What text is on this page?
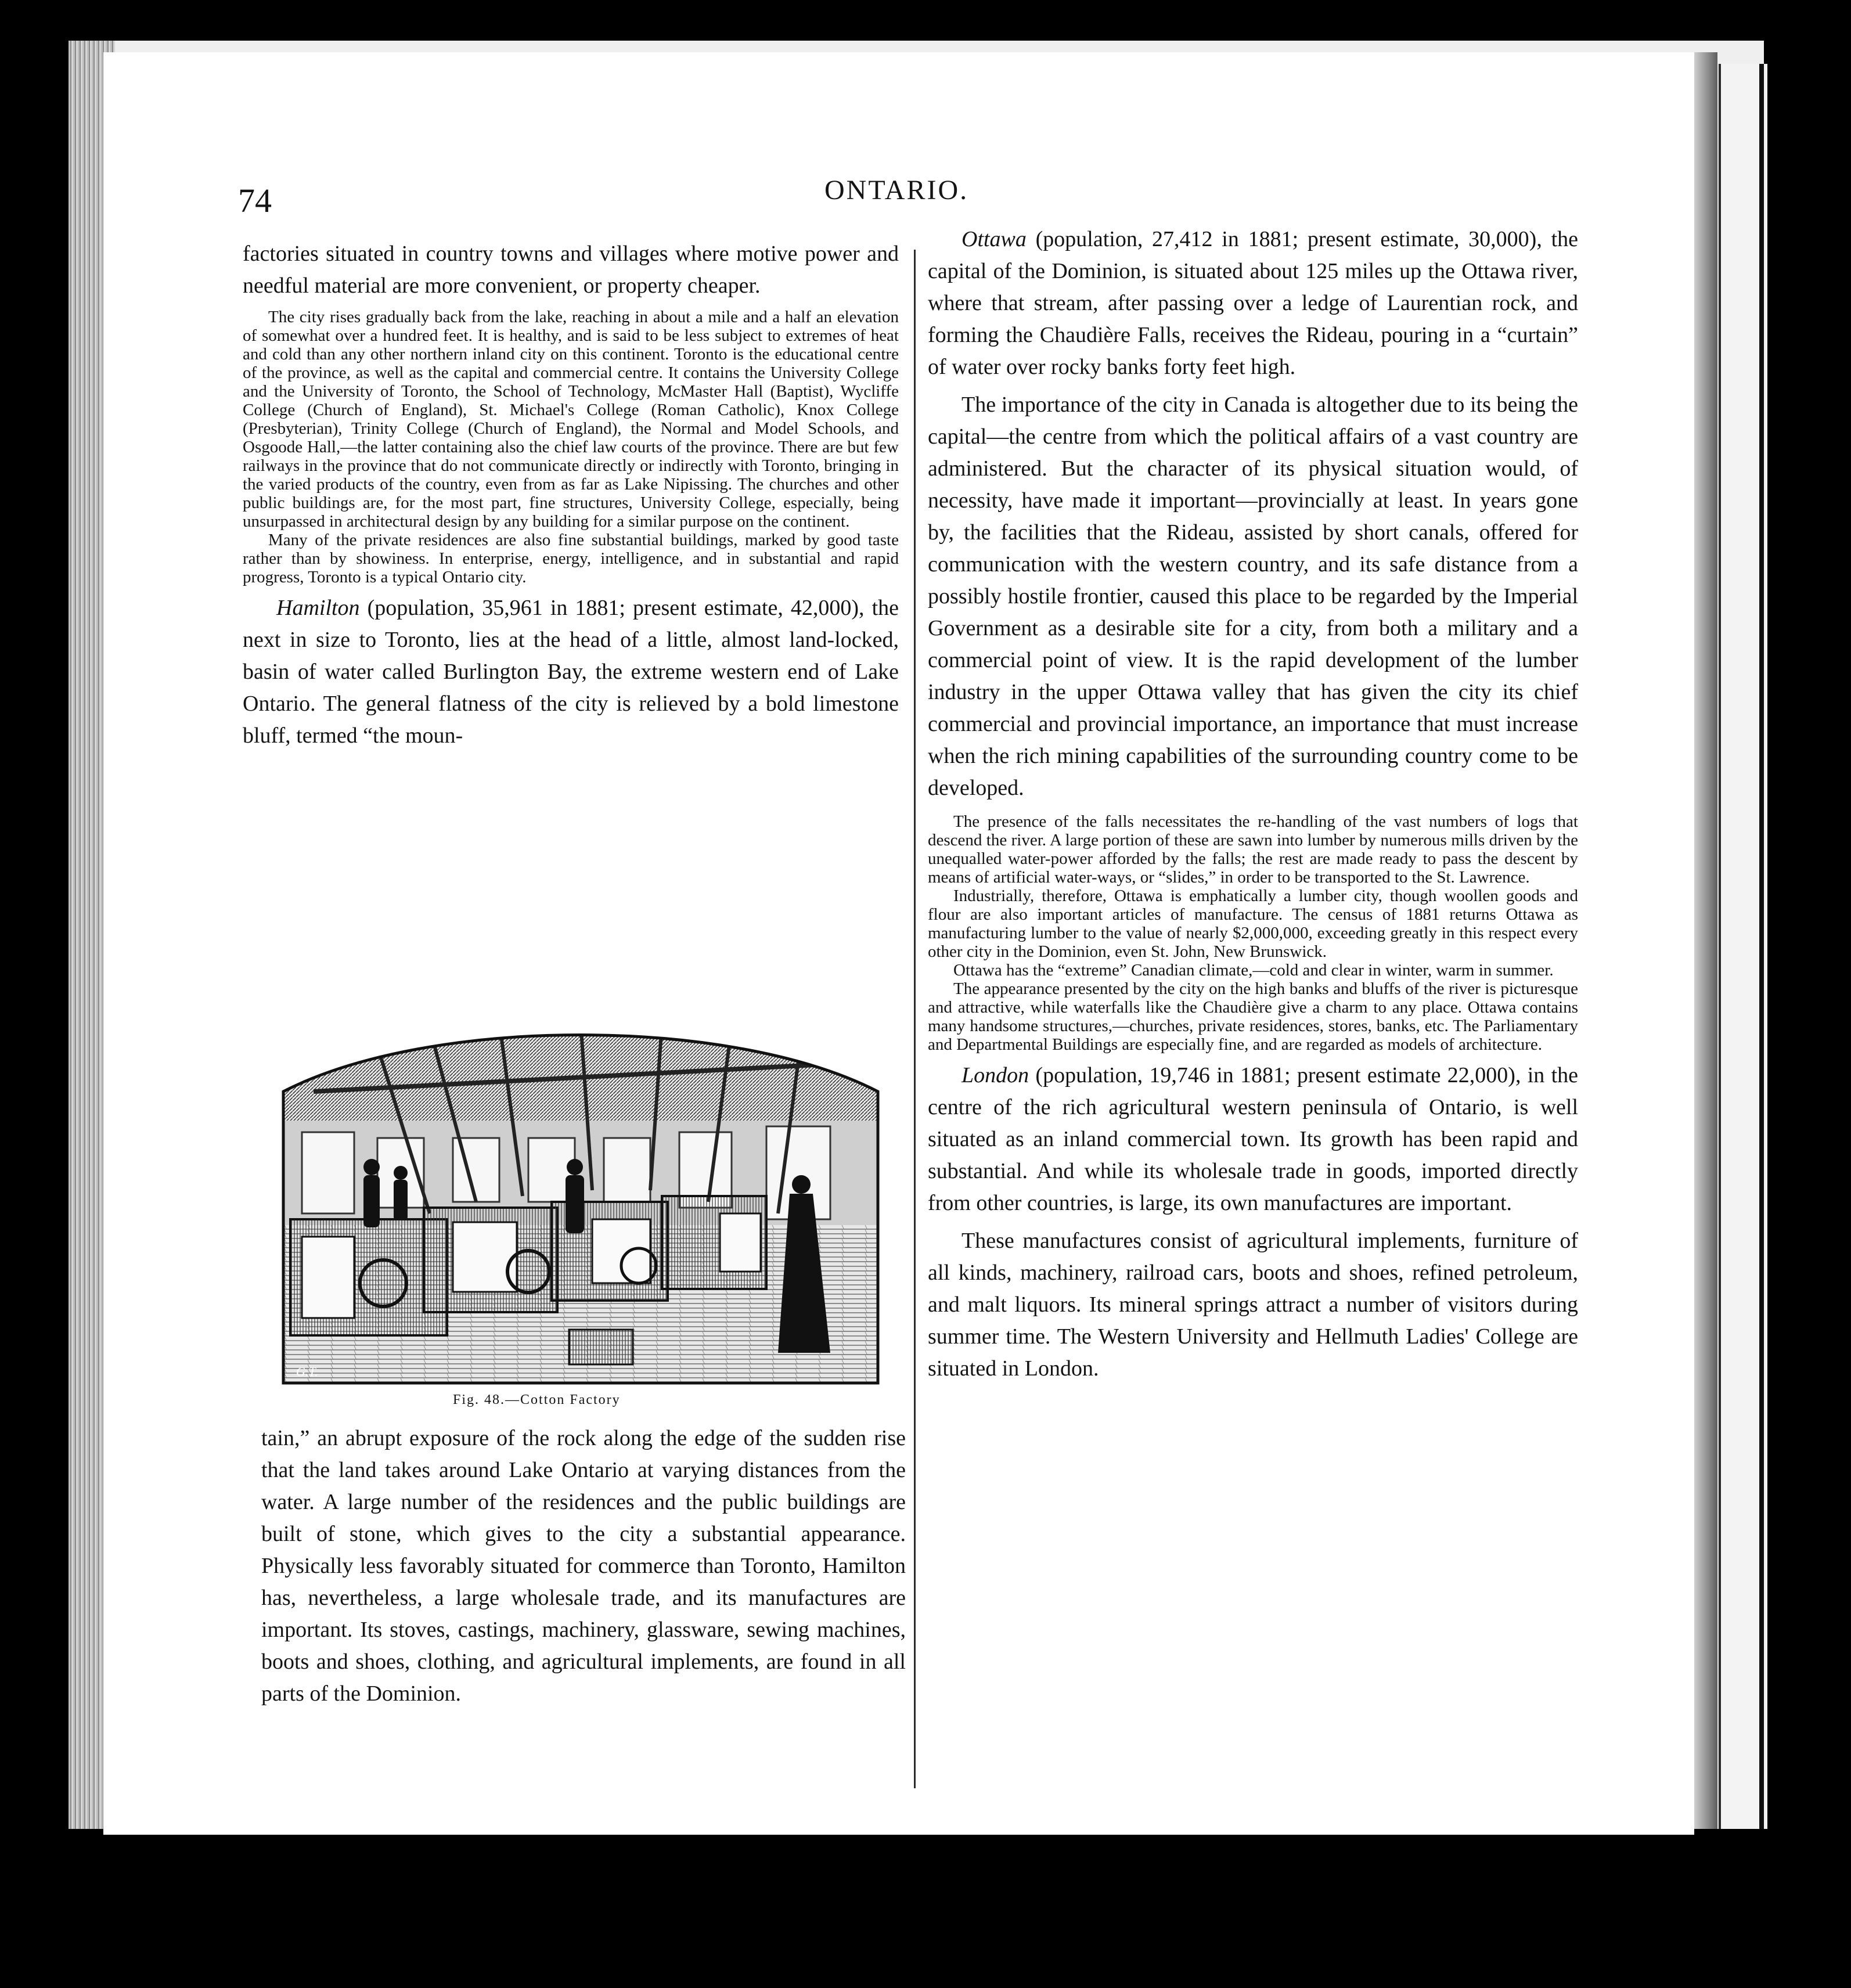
74	ONTARIO.

factories situated in country towns and villages where motive power and needful material are more convenient, or property cheaper.

The city rises gradually back from the lake, reaching in about a mile and a half an elevation of somewhat over a hundred feet. It is healthy, and is said to be less subject to extremes of heat and cold than any other northern inland city on this continent. Toronto is the educational centre of the province, as well as the capital and commercial centre. It contains the University College and the University of Toronto, the School of Technology, McMaster Hall (Baptist), Wycliffe College (Church of England), St. Michael's College (Roman Catholic), Knox College (Presbyterian), Trinity College (Church of England), the Normal and Model Schools, and Osgoode Hall,—the latter containing also the chief law courts of the province. There are but few railways in the province that do not communicate directly or indirectly with Toronto, bringing in the varied products of the country, even from as far as Lake Nipissing. The churches and other public buildings are, for the most part, fine structures, University College, especially, being unsurpassed in architectural design by any building for a similar purpose on the continent.

Many of the private residences are also fine substantial buildings, marked by good taste rather than by showiness. In enterprise, energy, intelligence, and in substantial and rapid progress, Toronto is a typical Ontario city.

Hamilton (population, 35,961 in 1881; present estimate, 42,000), the next in size to Toronto, lies at the head of a little, almost land-locked, basin of water called Burlington Bay, the extreme western end of Lake Ontario. The general flatness of the city is relieved by a bold limestone bluff, termed “the moun-

G.T.
Fig. 48.—Cotton Factory

tain,” an abrupt exposure of the rock along the edge of the sudden rise that the land takes around Lake Ontario at varying distances from the water. A large number of the residences and the public buildings are built of stone, which gives to the city a substantial appearance. Physically less favorably situated for commerce than Toronto, Hamilton has, nevertheless, a large wholesale trade, and its manufactures are important. Its stoves, castings, machinery, glassware, sewing machines, boots and shoes, clothing, and agricultural implements, are found in all parts of the Dominion.

Ottawa (population, 27,412 in 1881; present estimate, 30,000), the capital of the Dominion, is situated about 125 miles up the Ottawa river, where that stream, after passing over a ledge of Laurentian rock, and forming the Chaudière Falls, receives the Rideau, pouring in a “curtain” of water over rocky banks forty feet high.

The importance of the city in Canada is altogether due to its being the capital—the centre from which the political affairs of a vast country are administered. But the character of its physical situation would, of necessity, have made it important—provincially at least. In years gone by, the facilities that the Rideau, assisted by short canals, offered for communication with the western country, and its safe distance from a possibly hostile frontier, caused this place to be regarded by the Imperial Government as a desirable site for a city, from both a military and a commercial point of view. It is the rapid development of the lumber industry in the upper Ottawa valley that has given the city its chief commercial and provincial importance, an importance that must increase when the rich mining capabilities of the surrounding country come to be developed.

The presence of the falls necessitates the re-handling of the vast numbers of logs that descend the river. A large portion of these are sawn into lumber by numerous mills driven by the unequalled water-power afforded by the falls; the rest are made ready to pass the descent by means of artificial water-ways, or “slides,” in order to be transported to the St. Lawrence.

Industrially, therefore, Ottawa is emphatically a lumber city, though woollen goods and flour are also important articles of manufacture. The census of 1881 returns Ottawa as manufacturing lumber to the value of nearly $2,000,000, exceeding greatly in this respect every other city in the Dominion, even St. John, New Brunswick.

Ottawa has the “extreme” Canadian climate,—cold and clear in winter, warm in summer.

The appearance presented by the city on the high banks and bluffs of the river is picturesque and attractive, while waterfalls like the Chaudière give a charm to any place. Ottawa contains many handsome structures,—churches, private residences, stores, banks, etc. The Parliamentary and Departmental Buildings are especially fine, and are regarded as models of architecture.

London (population, 19,746 in 1881; present estimate 22,000), in the centre of the rich agricultural western peninsula of Ontario, is well situated as an inland commercial town. Its growth has been rapid and substantial. And while its wholesale trade in goods, imported directly from other countries, is large, its own manufactures are important.

These manufactures consist of agricultural implements, furniture of all kinds, machinery, railroad cars, boots and shoes, refined petroleum, and malt liquors. Its mineral springs attract a number of visitors during summer time. The Western University and Hellmuth Ladies' College are situated in London.
